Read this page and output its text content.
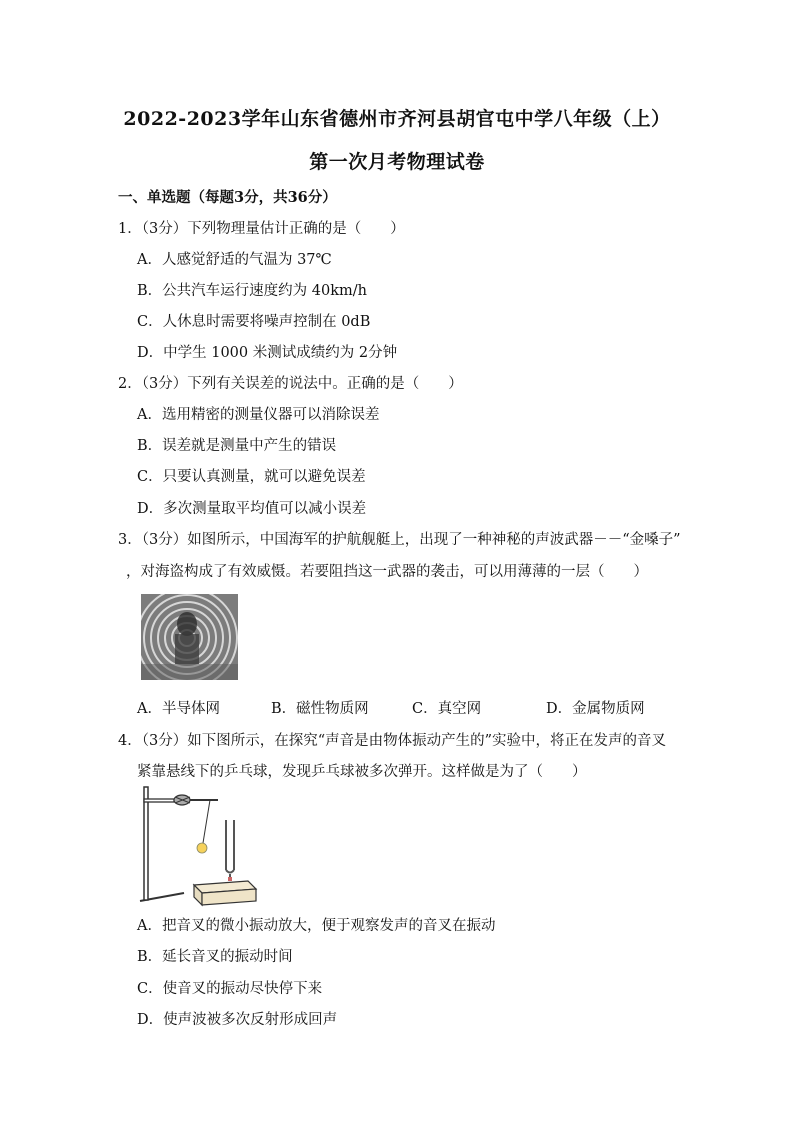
2022-2023学年山东省德州市齐河县胡官屯中学八年级（上）
第一次月考物理试卷
一、单选题（每题3分，共36分）
1．（3分）下列物理量估计正确的是（　　）
A．人感觉舒适的气温为 37℃
B．公共汽车运行速度约为 40km/h
C．人休息时需要将噪声控制在 0dB
D．中学生 1000 米测试成绩约为 2分钟
2．（3分）下列有关误差的说法中。正确的是（　　）
A．选用精密的测量仪器可以消除误差
B．误差就是测量中产生的错误
C．只要认真测量，就可以避免误差
D．多次测量取平均值可以减小误差
3．（3分）如图所示，中国海军的护航舰艇上，出现了一种神秘的声波武器－－“金嗓子”
，对海盗构成了有效威慑。若要阻挡这一武器的袭击，可以用薄薄的一层（　　）
A．半导体网	B．磁性物质网	C．真空网	D．金属物质网
4．（3分）如下图所示，在探究“声音是由物体振动产生的”实验中，将正在发声的音叉
紧靠悬线下的乒乓球，发现乒乓球被多次弹开。这样做是为了（　　）
A．把音叉的微小振动放大，便于观察发声的音叉在振动
B．延长音叉的振动时间
C．使音叉的振动尽快停下来
D．使声波被多次反射形成回声
